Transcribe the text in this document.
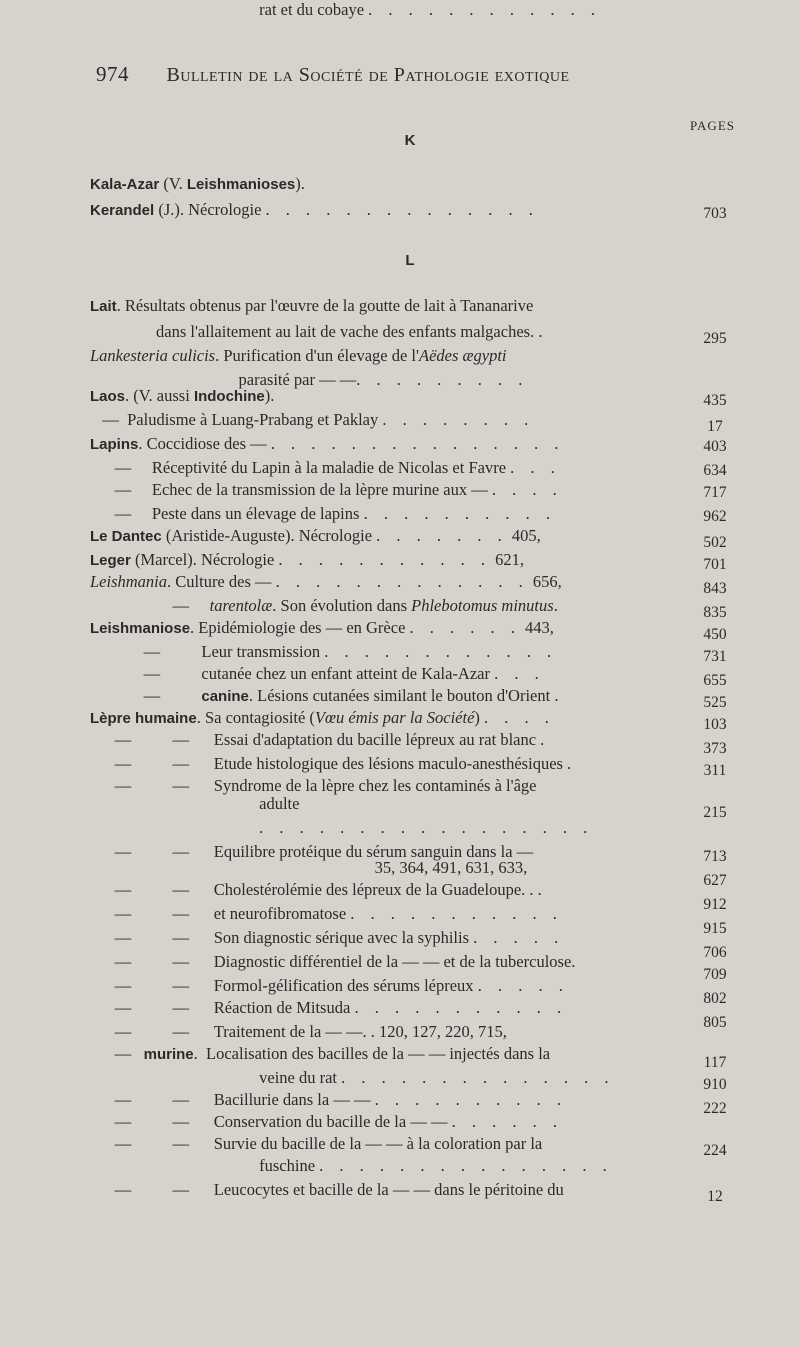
974 Bulletin de la Société de Pathologie exotique
PAGES
K
L
Kala-Azar (V. Leishmanioses).
Kerandel (J.). Nécrologie . . . . . . . . . . . . . .
Lait. Résultats obtenus par l'œuvre de la goutte de lait à Tananarive
dans l'allaitement au lait de vache des enfants malgaches. .
Lankesteria culicis. Purification d'un élevage de l'Aëdes ægypti
parasité par — —. . . . . . . . .
Laos. (V. aussi Indochine).
—  Paludisme à Luang-Prabang et Paklay . . . . . . . .
Lapins. Coccidiose des — . . . . . . . . . . . . . . .
—     Réceptivité du Lapin à la maladie de Nicolas et Favre . . .
—     Echec de la transmission de la lèpre murine aux — . . . .
—     Peste dans un élevage de lapins . . . . . . . . . .
Le Dantec (Aristide-Auguste). Nécrologie . . . . . . . 405,
Leger (Marcel). Nécrologie . . . . . . . . . . . 621,
Leishmania. Culture des — . . . . . . . . . . . . . 656,
—     tarentolæ. Son évolution dans Phlebotomus minutus.
Leishmaniose. Epidémiologie des — en Grèce . . . . . . 443,
—          Leur transmission . . . . . . . . . . . .
—          cutanée chez un enfant atteint de Kala-Azar . . .
—          canine. Lésions cutanées similant le bouton d'Orient .
Lèpre humaine. Sa contagiosité (Vœu émis par la Société) . . . .
—          —      Essai d'adaptation du bacille lépreux au rat blanc .
—          —      Etude histologique des lésions maculo-anesthésiques .
—          —      Syndrome de la lèpre chez les contaminés à l'âge
adulte
. . . . . . . . . . . . . . . . .
—          —      Equilibre protéique du sérum sanguin dans la —
35, 364, 491, 631, 633,
—          —      Cholestérolémie des lépreux de la Guadeloupe. . .
—          —      et neurofibromatose . . . . . . . . . . .
—          —      Son diagnostic sérique avec la syphilis . . . . .
—          —      Diagnostic différentiel de la — — et de la tuberculose.
—          —      Formol-gélification des sérums lépreux . . . . .
—          —      Réaction de Mitsuda . . . . . . . . . . .
—          —      Traitement de la — —. . 120, 127, 220, 715,
—   murine.  Localisation des bacilles de la — — injectés dans la
veine du rat . . . . . . . . . . . . . .
—          —      Bacillurie dans la — — . . . . . . . . . .
—          —      Conservation du bacille de la — — . . . . . .
—          —      Survie du bacille de la — — à la coloration par la
fuschine . . . . . . . . . . . . . . .
—          —      Leucocytes et bacille de la — — dans le péritoine du
rat et du cobaye . . . . . . . . . . . .
703
295
435
17
403
634
717
962
502
701
843
835
450
731
655
525
103
373
311
215
713
627
912
915
706
709
802
805
117
910
222
224
12
